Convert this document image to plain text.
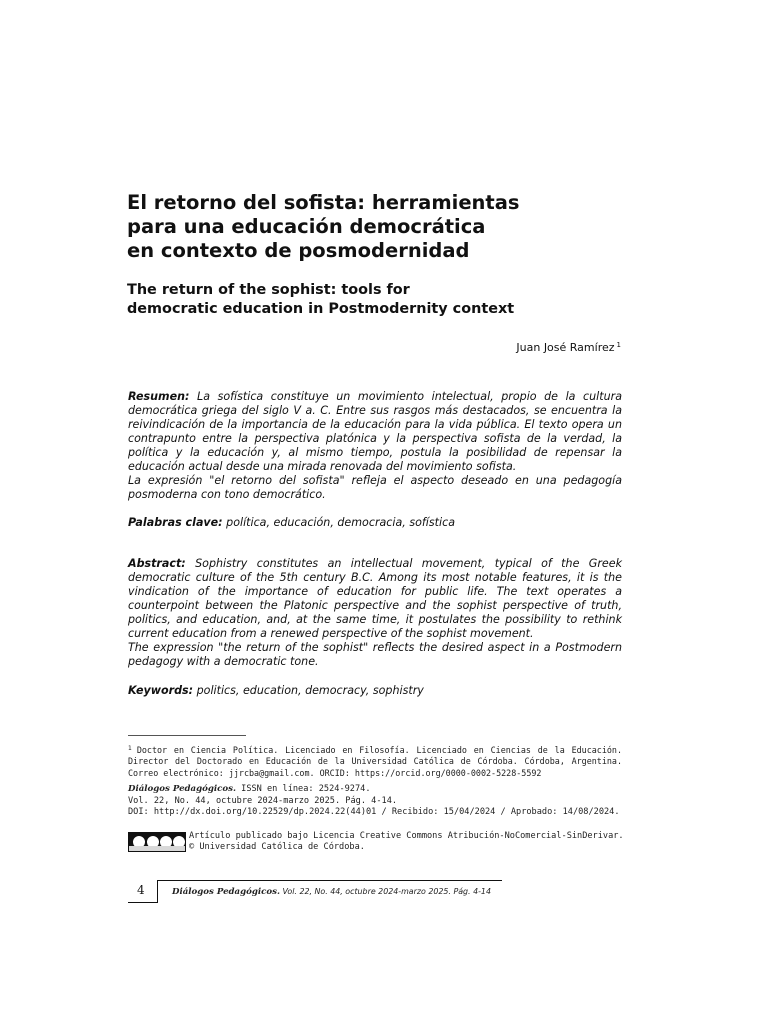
El retorno del sofista: herramientas
para una educación democrática
en contexto de posmodernidad
The return of the sophist: tools for
democratic education in Postmodernity context
Juan José Ramírez $^1$

Resumen: La sofística constituye un movimiento intelectual, propio de la cultura democrática griega del siglo V a. C. Entre sus rasgos más destacados, se encuentra la reivindicación de la importancia de la educación para la vida pública. El texto opera un contrapunto entre la perspectiva platónica y la perspectiva sofista de la verdad, la política y la educación y, al mismo tiempo, postula la posibilidad de repensar la educación actual desde una mirada renovada del movimiento sofista.

La expresión "el retorno del sofista" refleja el aspecto deseado en una pedagogía posmoderna con tono democrático.

Palabras clave: política, educación, democracia, sofística

Abstract: Sophistry constitutes an intellectual movement, typical of the Greek democratic culture of the 5th century B.C. Among its most notable features, it is the vindication of the importance of education for public life. The text operates a counterpoint between the Platonic perspective and the sophist perspective of truth, politics, and education, and, at the same time, it postulates the possibility to rethink current education from a renewed perspective of the sophist movement.

The expression "the return of the sophist" reflects the desired aspect in a Postmodern pedagogy with a democratic tone.

Keywords: politics, education, democracy, sophistry
$^1$ Doctor en Ciencia Política. Licenciado en Filosofía. Licenciado en Ciencias de la Educación. Director del Doctorado en Educación de la Universidad Católica de Córdoba. Córdoba, Argentina. Correo electrónico: jjrcba@gmail.com. ORCID: https://orcid.org/0000-0002-5228-5592
Diálogos Pedagógicos. ISSN en línea: 2524-9274.
Vol. 22, No. 44, octubre 2024-marzo 2025. Pág. 4-14.
DOI: http://dx.doi.org/10.22529/dp.2024.22(44)01 / Recibido: 15/04/2024 / Aprobado: 14/08/2024.
Artículo publicado bajo Licencia Creative Commons Atribución-NoComercial-SinDerivar.
© Universidad Católica de Córdoba.
4	Diálogos Pedagógicos. Vol. 22, No. 44, octubre 2024-marzo 2025. Pág. 4-14
